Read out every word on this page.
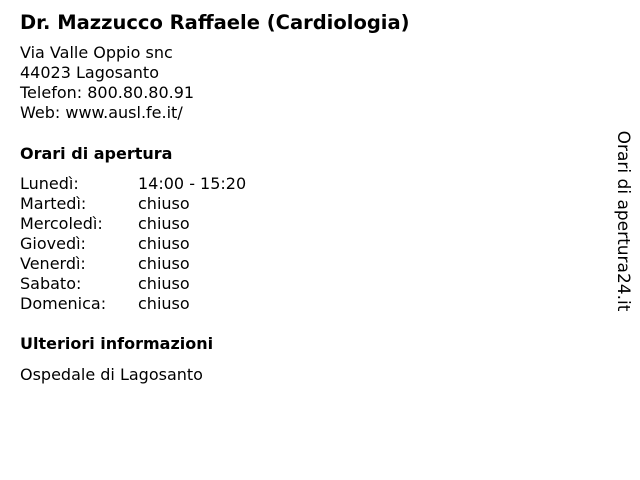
Dr. Mazzucco Raffaele (Cardiologia)
Via Valle Oppio snc
44023 Lagosanto
Telefon: 800.80.80.91
Web: www.ausl.fe.it/
Orari di apertura
Lunedì:	14:00 - 15:20
Martedì:	chiuso
Mercoledì: chiuso
Giovedì:	chiuso
Venerdì:	chiuso
Sabato:	chiuso
Domenica: chiuso
Ulteriori informazioni
Ospedale di Lagosanto
Orari di apertura24.it
